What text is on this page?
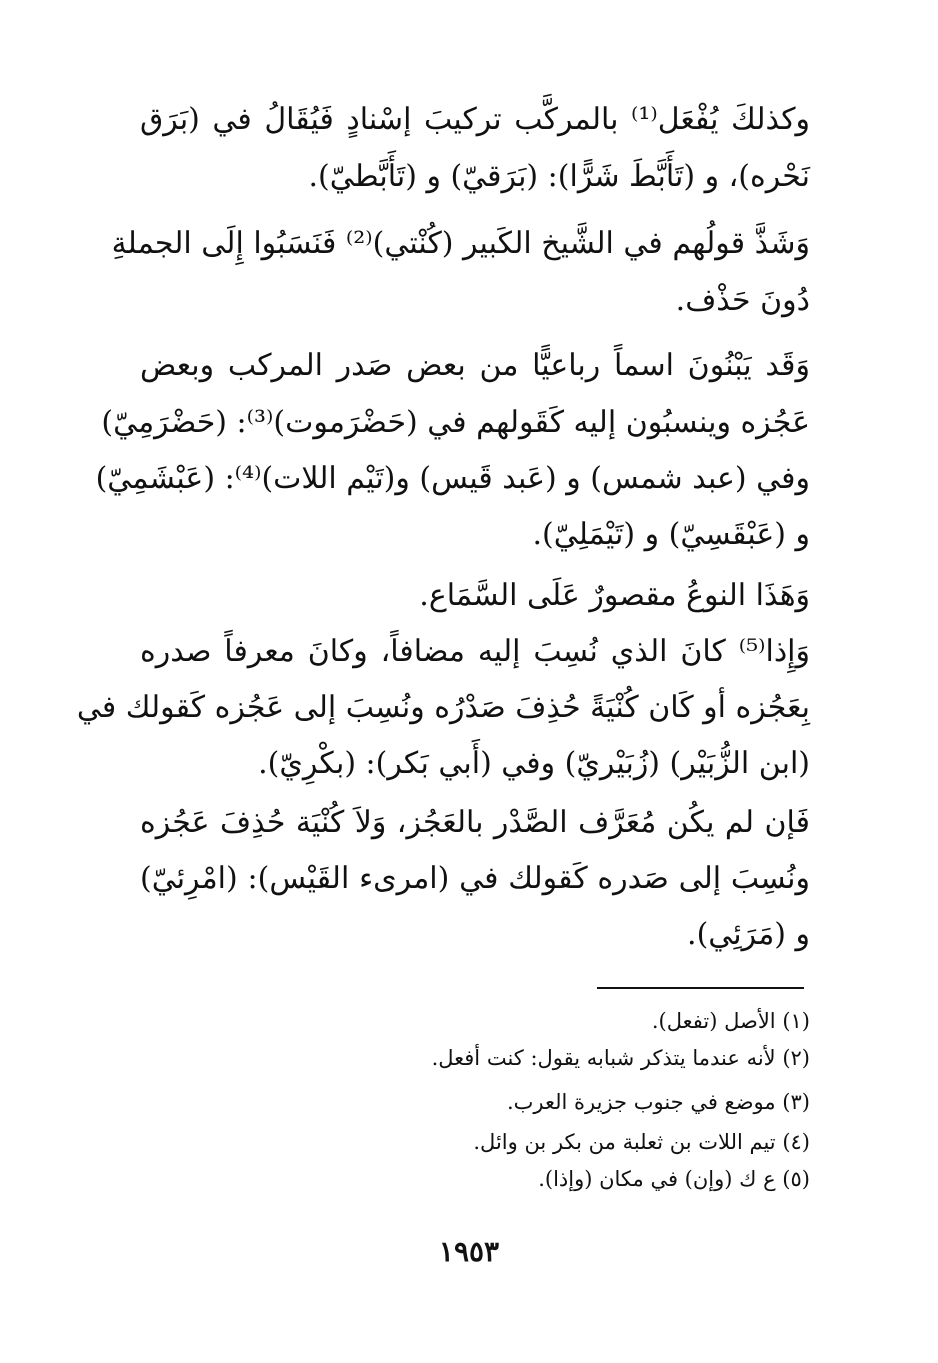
وكذلكَ يُفْعَل⁽¹⁾ بالمركَّب تركيبَ إسْنادٍ فَيُقَالُ في (بَرَق
نَحْره)، و (تَأَبَّطَ شَرًّا): (بَرَقيّ) و (تَأَبَّطيّ).
وَشَذَّ قولُهم في الشَّيخ الكَبير (كُنْتي)⁽²⁾ فَنَسَبُوا إِلَى الجملةِ
دُونَ حَذْف.
وَقَد يَبْنُونَ اسماً رباعيًّا من بعض صَدر المركب وبعض
عَجُزه وينسبُون إليه كَقَولهم في (حَضْرَموت)⁽³⁾: (حَضْرَمِيّ)
وفي (عبد شمس) و (عَبد قَيس) و(تَيْم اللات)⁽⁴⁾: (عَبْشَمِيّ)
و (عَبْقَسِيّ) و (تَيْمَلِيّ).
وَهَذَا النوعُ مقصورٌ عَلَى السَّمَاع.
وَإِذا⁽⁵⁾ كانَ الذي نُسِبَ إليه مضافاً، وكانَ معرفاً صدره
بِعَجُزه أو كَان كُنْيَةً حُذِفَ صَدْرُه ونُسِبَ إلى عَجُزه كَقولك في
(ابن الزُّبَيْر) (زُبَيْريّ) وفي (أَبي بَكر): (بكْرِيّ).
فَإن لم يكُن مُعَرَّف الصَّدْر بالعَجُز، وَلاَ كُنْيَة حُذِفَ عَجُزه
ونُسِبَ إلى صَدره كَقولك في (امرىء القَيْس): (امْرِئيّ)
و (مَرَئِي).
(١) الأصل (تفعل).
(٢) لأنه عندما يتذكر شبابه يقول: كنت أفعل.
(٣) موضع في جنوب جزيرة العرب.
(٤) تيم اللات بن ثعلبة من بكر بن وائل.
(٥) ع ك (وإن) في مكان (وإذا).
١٩٥٣
